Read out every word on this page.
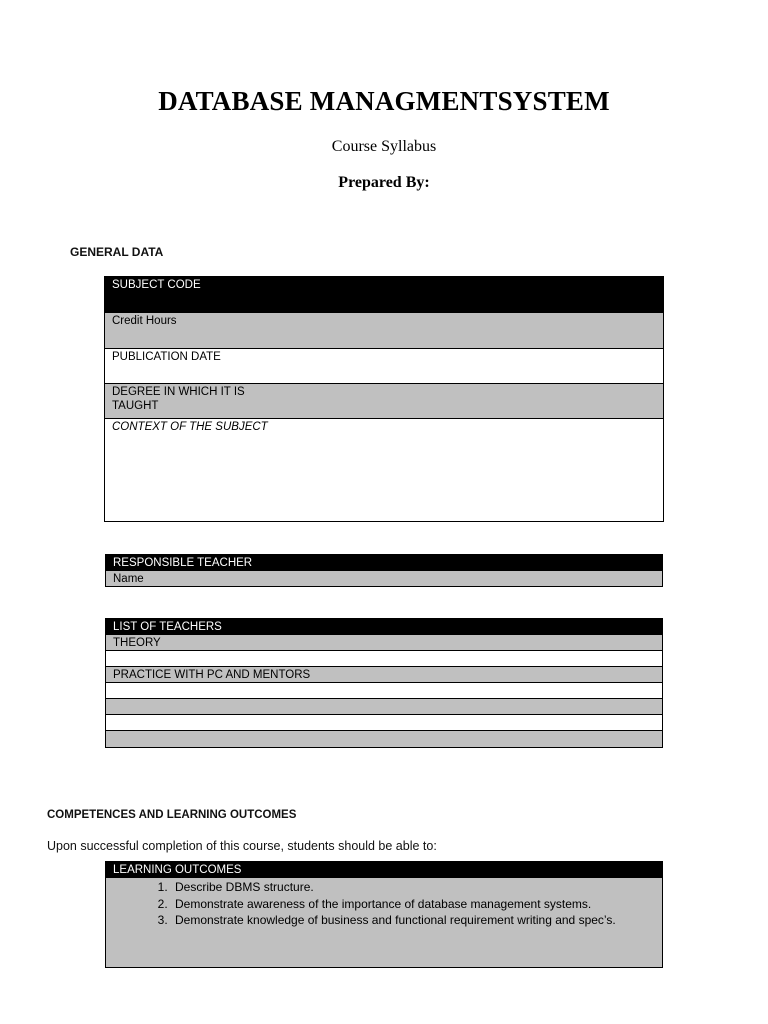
DATABASE MANAGMENTSYSTEM
Course Syllabus
Prepared By:
GENERAL DATA
SUBJECT CODE
Credit Hours
PUBLICATION DATE
DEGREE IN WHICH IT IS TAUGHT
CONTEXT OF THE SUBJECT
RESPONSIBLE TEACHER
Name
LIST OF TEACHERS
THEORY
PRACTICE WITH PC AND MENTORS
COMPETENCES AND LEARNING OUTCOMES
Upon successful completion of this course, students should be able to:
LEARNING OUTCOMES
1. Describe DBMS structure.
2. Demonstrate awareness of the importance of database management systems.
3. Demonstrate knowledge of business and functional requirement writing and spec’s.
